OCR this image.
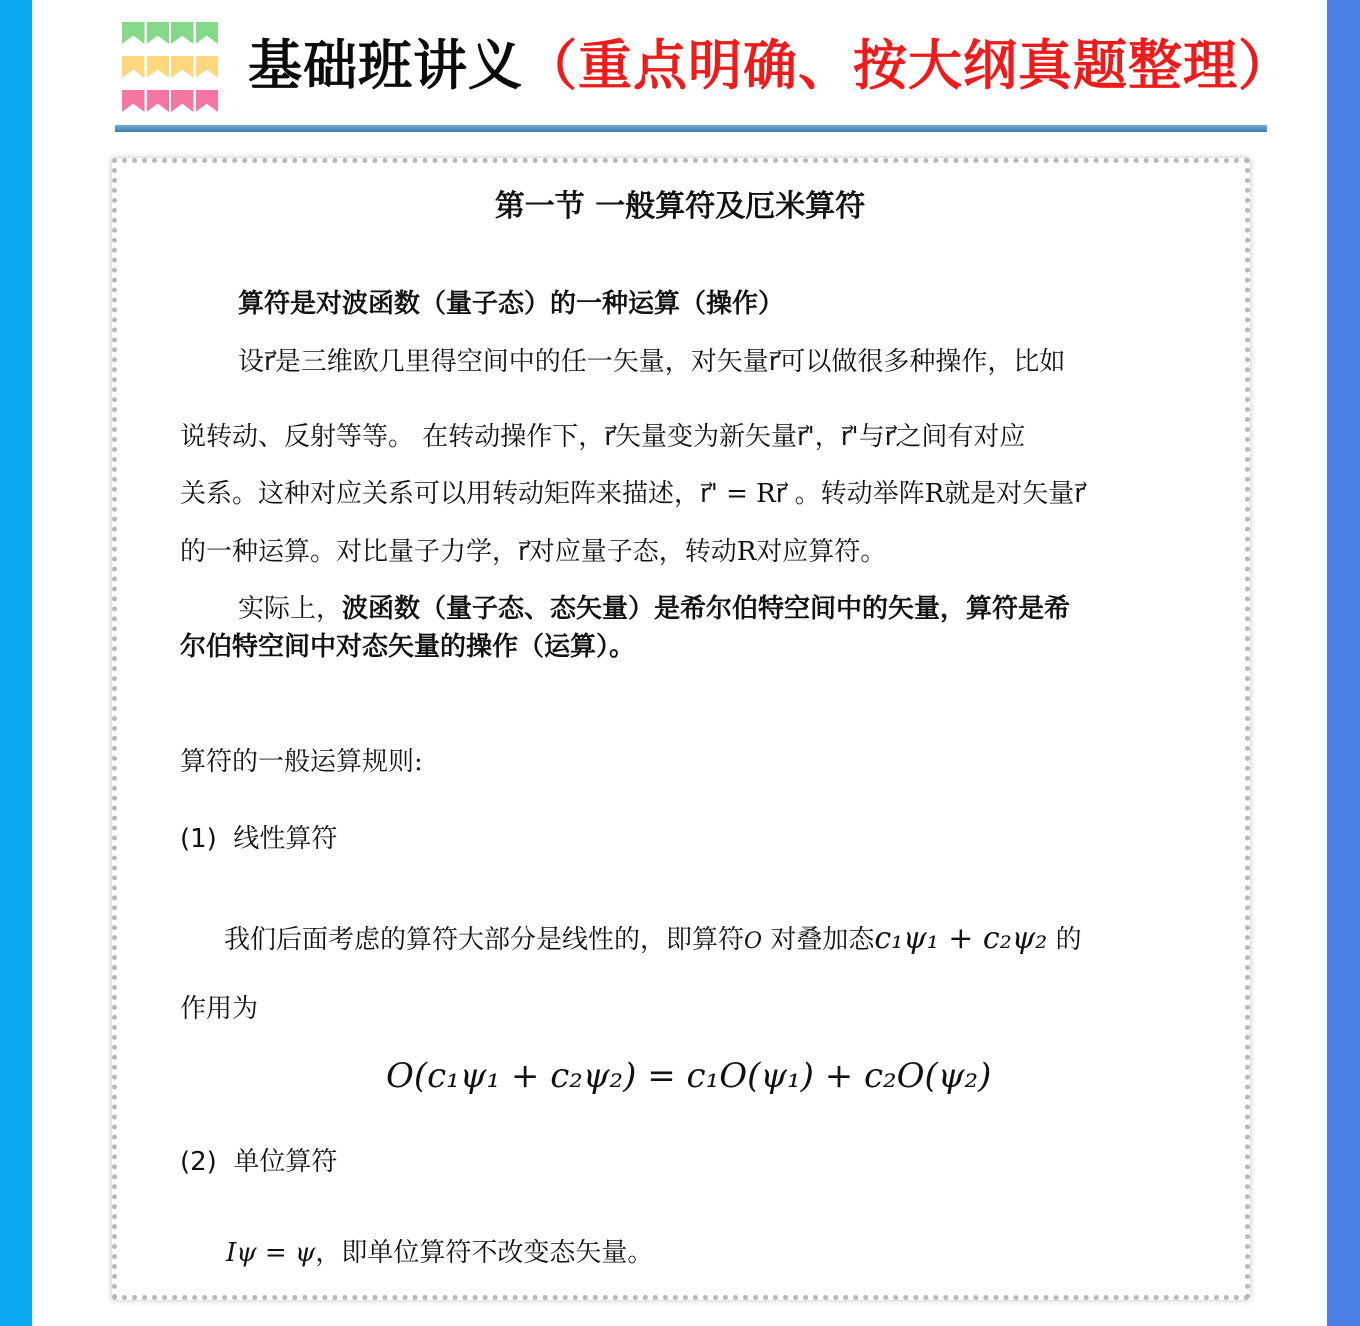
基础班讲义（重点明确、按大纲真题整理）
第一节 一般算符及厄米算符
算符是对波函数（量子态）的一种运算（操作）
设r⃗是三维欧几里得空间中的任一矢量，对矢量r⃗可以做很多种操作，比如
说转动、反射等等。 在转动操作下，r⃗矢量变为新矢量r⃗'，r⃗'与r⃗之间有对应
关系。这种对应关系可以用转动矩阵来描述，r⃗' = Rr⃗ 。转动举阵R就是对矢量r⃗
的一种运算。对比量子力学，r⃗对应量子态，转动R对应算符。
实际上，波函数（量子态、态矢量）是希尔伯特空间中的矢量，算符是希
尔伯特空间中对态矢量的操作（运算）。
算符的一般运算规则:
(1) 线性算符
我们后面考虑的算符大部分是线性的，即算符O 对叠加态c₁ψ₁ + c₂ψ₂ 的
作用为
O(c₁ψ₁ + c₂ψ₂) = c₁O(ψ₁) + c₂O(ψ₂)
(2) 单位算符
Iψ = ψ，即单位算符不改变态矢量。
